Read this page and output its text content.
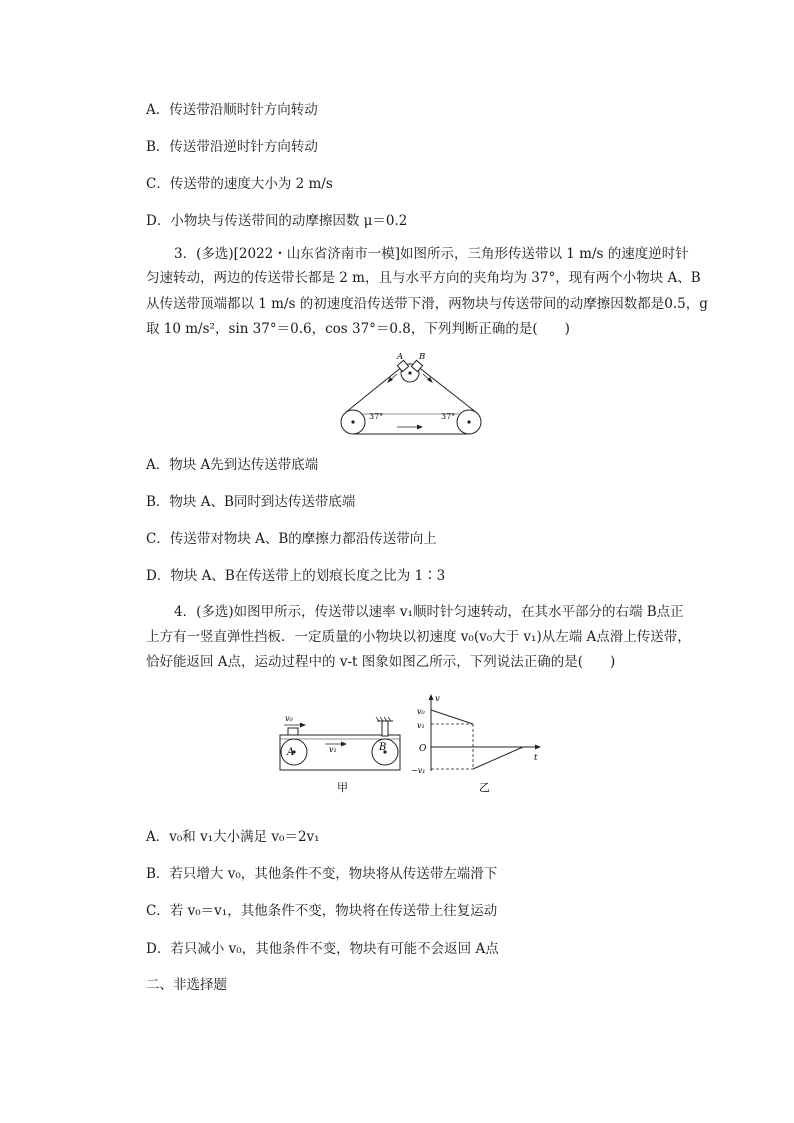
A．传送带沿顺时针方向转动
B．传送带沿逆时针方向转动
C．传送带的速度大小为 2 m/s
D．小物块与传送带间的动摩擦因数 μ＝0.2
3．(多选)[2022・山东省济南市一模]如图所示，三角形传送带以 1 m/s 的速度逆时针
匀速转动，两边的传送带长都是 2 m，且与水平方向的夹角均为 37°，现有两个小物块 A、B
从传送带顶端都以 1 m/s 的初速度沿传送带下滑，两物块与传送带间的动摩擦因数都是0.5，g
取 10 m/s²，sin 37°＝0.6，cos 37°＝0.8，下列判断正确的是(　　)
A B
37°	37°
A．物块 A先到达传送带底端
B．物块 A、B同时到达传送带底端
C．传送带对物块 A、B的摩擦力都沿传送带向上
D．物块 A、B在传送带上的划痕长度之比为 1∶3
4．(多选)如图甲所示，传送带以速率 v₁顺时针匀速转动，在其水平部分的右端 B点正
上方有一竖直弹性挡板．一定质量的小物块以初速度 v₀(v₀大于 v₁)从左端 A点滑上传送带，
恰好能返回 A点，运动过程中的 v-t 图象如图乙所示，下列说法正确的是(　　)
v₀
v₁
A	B
甲
v
t
v₀
v₁
O
−v₁
乙
A．v₀和 v₁大小满足 v₀＝2v₁
B．若只增大 v₀，其他条件不变，物块将从传送带左端滑下
C．若 v₀＝v₁，其他条件不变，物块将在传送带上往复运动
D．若只减小 v₀，其他条件不变，物块有可能不会返回 A点
二、非选择题
